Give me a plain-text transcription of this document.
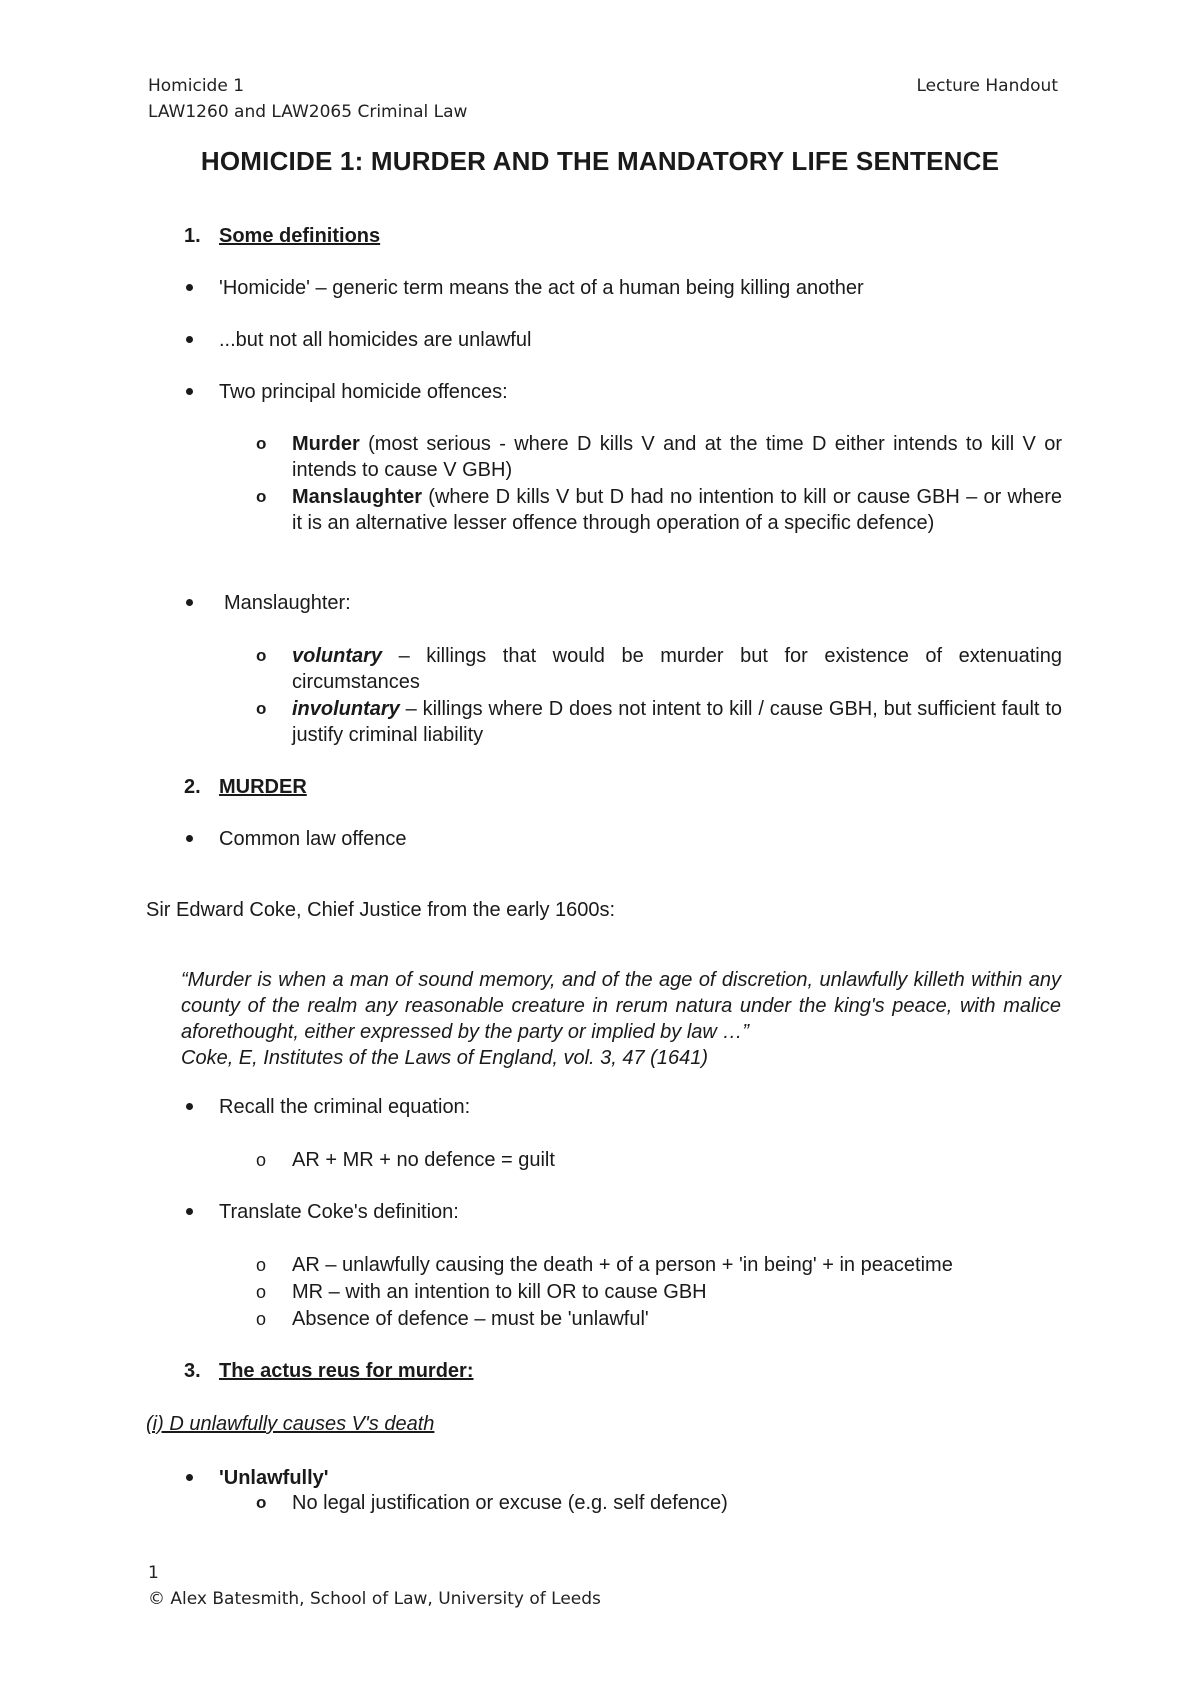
Homicide 1	Lecture Handout
LAW1260 and LAW2065 Criminal Law
HOMICIDE 1: MURDER AND THE MANDATORY LIFE SENTENCE
1. Some definitions
'Homicide' – generic term means the act of a human being killing another
...but not all homicides are unlawful
Two principal homicide offences:
o Murder (most serious - where D kills V and at the time D either intends to kill V or intends to cause V GBH)
o Manslaughter (where D kills V but D had no intention to kill or cause GBH – or where it is an alternative lesser offence through operation of a specific defence)
Manslaughter:
o voluntary – killings that would be murder but for existence of extenuating circumstances
o involuntary – killings where D does not intent to kill / cause GBH, but sufficient fault to justify criminal liability
2. MURDER
Common law offence
Sir Edward Coke, Chief Justice from the early 1600s:
“Murder is when a man of sound memory, and of the age of discretion, unlawfully killeth within any county of the realm any reasonable creature in rerum natura under the king's peace, with malice aforethought, either expressed by the party or implied by law …”
Coke, E, Institutes of the Laws of England, vol. 3, 47 (1641)
Recall the criminal equation:
o AR + MR + no defence = guilt
Translate Coke's definition:
o AR – unlawfully causing the death + of a person + 'in being' + in peacetime
o MR – with an intention to kill OR to cause GBH
o Absence of defence – must be 'unlawful'
3. The actus reus for murder:
(i) D unlawfully causes V's death
'Unlawfully'
o No legal justification or excuse (e.g. self defence)
1
© Alex Batesmith, School of Law, University of Leeds
